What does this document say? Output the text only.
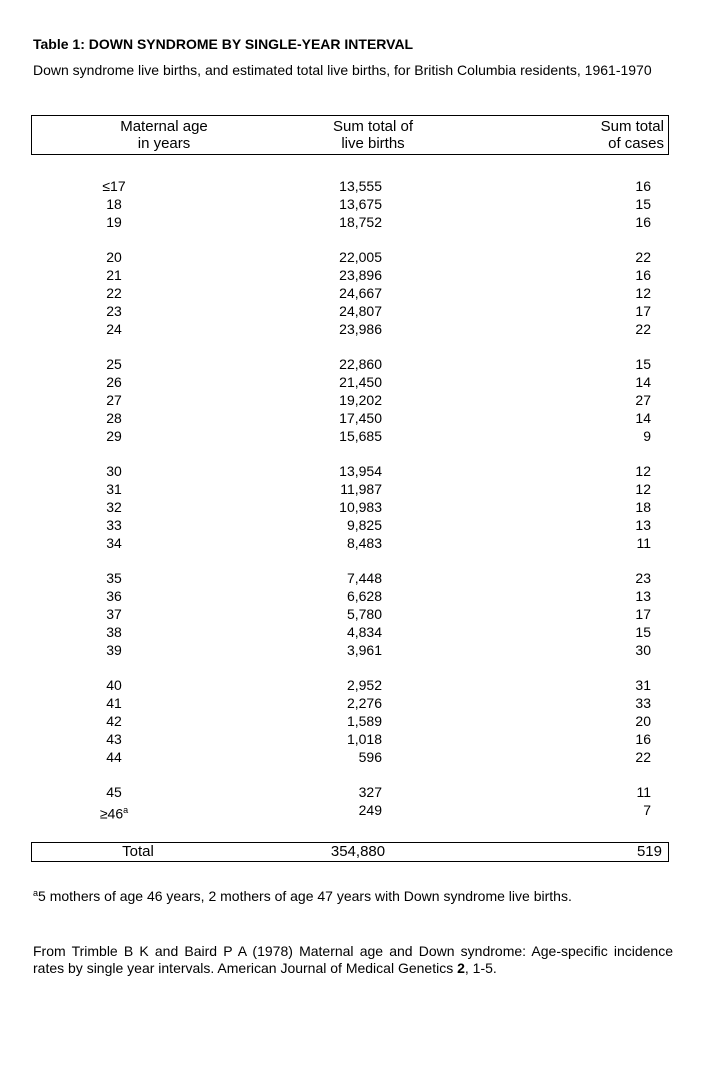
Table 1: DOWN SYNDROME BY SINGLE-YEAR INTERVAL
Down syndrome live births, and estimated total live births, for British Columbia residents, 1961-1970
Maternal age
in years
Sum total of
live births
Sum total
of cases
≤17	13,555	16
18	13,675	15
19	18,752	16
20	22,005	22
21	23,896	16
22	24,667	12
23	24,807	17
24	23,986	22
25	22,860	15
26	21,450	14
27	19,202	27
28	17,450	14
29	15,685	9
30	13,954	12
31	11,987	12
32	10,983	18
33	9,825	13
34	8,483	11
35	7,448	23
36	6,628	13
37	5,780	17
38	4,834	15
39	3,961	30
40	2,952	31
41	2,276	33
42	1,589	20
43	1,018	16
44	596	22
45	327	11
$\ge 46^a$	249	7
Total	354,880	519
$^a$5 mothers of age 46 years, 2 mothers of age 47 years with Down syndrome live births.
From Trimble B K and Baird P A (1978) Maternal age and Down syndrome: Age-specific incidence rates by single year intervals. American Journal of Medical Genetics 2, 1-5.
